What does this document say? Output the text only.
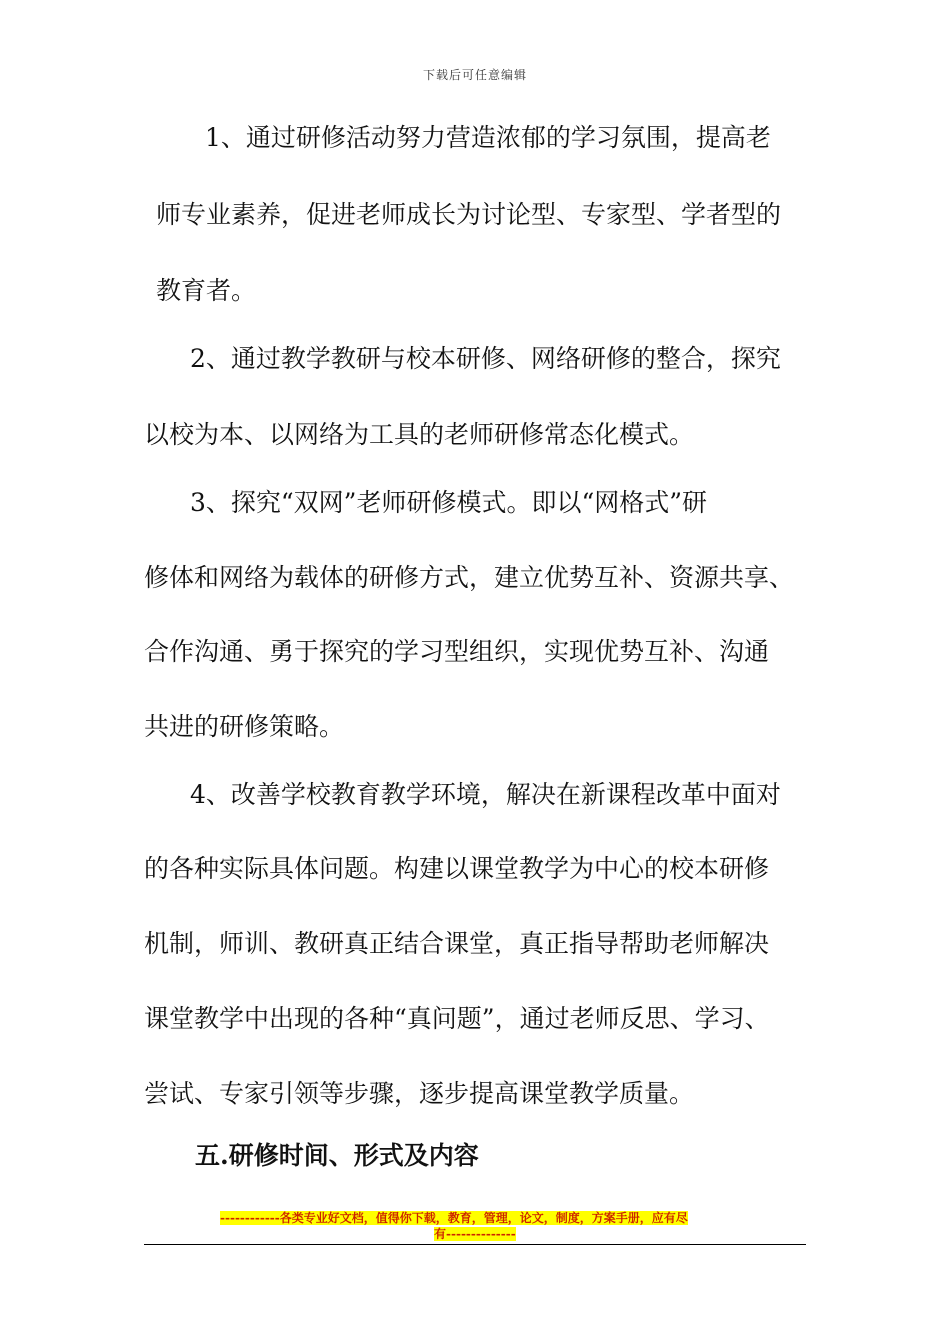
下载后可任意编辑
1、通过研修活动努力营造浓郁的学习氛围，提高老
师专业素养，促进老师成长为讨论型、专家型、学者型的
教育者。
2、通过教学教研与校本研修、网络研修的整合，探究
以校为本、以网络为工具的老师研修常态化模式。
3、探究“双网”老师研修模式。即以“网格式”研
修体和网络为载体的研修方式，建立优势互补、资源共享、
合作沟通、勇于探究的学习型组织，实现优势互补、沟通
共进的研修策略。
4、改善学校教育教学环境，解决在新课程改革中面对
的各种实际具体问题。构建以课堂教学为中心的校本研修
机制，师训、教研真正结合课堂，真正指导帮助老师解决
课堂教学中出现的各种“真问题”，通过老师反思、学习、
尝试、专家引领等步骤，逐步提高课堂教学质量。
五.研修时间、形式及内容
------------各类专业好文档，值得你下载，教育，管理，论文，制度，方案手册，应有尽
有--------------
